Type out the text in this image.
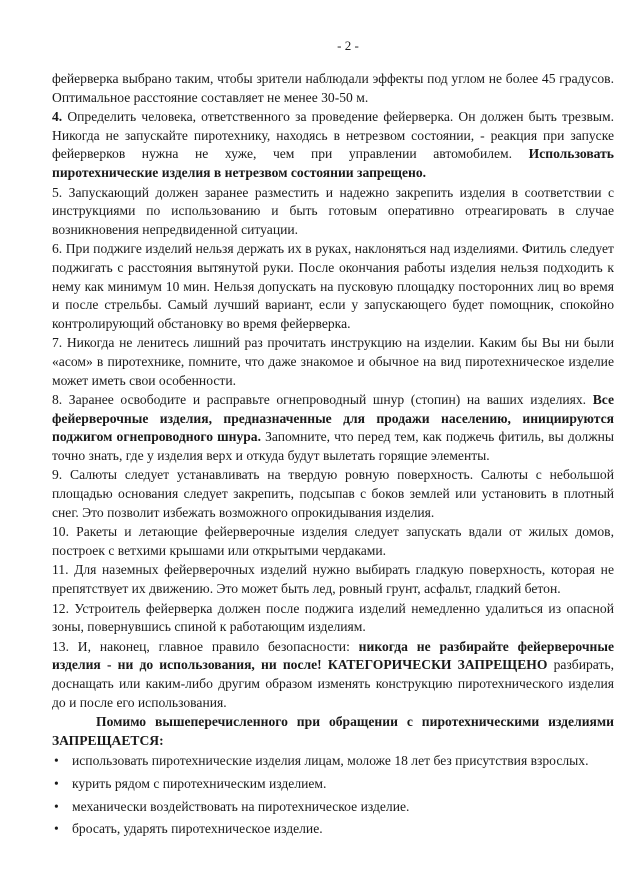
- 2 -

фейерверка выбрано таким, чтобы зрители наблюдали эффекты под углом не более 45 градусов. Оптимальное расстояние составляет не менее 30-50 м.

4. Определить человека, ответственного за проведение фейерверка. Он должен быть трезвым. Никогда не запускайте пиротехнику, находясь в нетрезвом состоянии, - реакция при запуске фейерверков нужна не хуже, чем при управлении автомобилем. Использовать пиротехнические изделия в нетрезвом состоянии запрещено.

5. Запускающий должен заранее разместить и надежно закрепить изделия в соответствии с инструкциями по использованию и быть готовым оперативно отреагировать в случае возникновения непредвиденной ситуации.

6. При поджиге изделий нельзя держать их в руках, наклоняться над изделиями. Фитиль следует поджигать с расстояния вытянутой руки. После окончания работы изделия нельзя подходить к нему как минимум 10 мин. Нельзя допускать на пусковую площадку посторонних лиц во время и после стрельбы. Самый лучший вариант, если у запускающего будет помощник, спокойно контролирующий обстановку во время фейерверка.

7. Никогда не ленитесь лишний раз прочитать инструкцию на изделии. Каким бы Вы ни были «асом» в пиротехнике, помните, что даже знакомое и обычное на вид пиротехническое изделие может иметь свои особенности.

8. Заранее освободите и расправьте огнепроводный шнур (стопин) на ваших изделиях. Все фейерверочные изделия, предназначенные для продажи населению, инициируются поджигом огнепроводного шнура. Запомните, что перед тем, как поджечь фитиль, вы должны точно знать, где у изделия верх и откуда будут вылетать горящие элементы.

9. Салюты следует устанавливать на твердую ровную поверхность. Салюты с небольшой площадью основания следует закрепить, подсыпав с боков землей или установить в плотный снег. Это позволит избежать возможного опрокидывания изделия.

10. Ракеты и летающие фейерверочные изделия следует запускать вдали от жилых домов, построек с ветхими крышами или открытыми чердаками.

11. Для наземных фейерверочных изделий нужно выбирать гладкую поверхность, которая не препятствует их движению. Это может быть лед, ровный грунт, асфальт, гладкий бетон.

12. Устроитель фейерверка должен после поджига изделий немедленно удалиться из опасной зоны, повернувшись спиной к работающим изделиям.

13. И, наконец, главное правило безопасности: никогда не разбирайте фейерверочные изделия - ни до использования, ни после! КАТЕГОРИЧЕСКИ ЗАПРЕЩЕНО разбирать, доснащать или каким-либо другим образом изменять конструкцию пиротехнического изделия до и после его использования.

Помимо вышеперечисленного при обращении с пиротехническими изделиями ЗАПРЕЩАЕТСЯ:

• использовать пиротехнические изделия лицам, моложе 18 лет без присутствия взрослых.
• курить рядом с пиротехническим изделием.
• механически воздействовать на пиротехническое изделие.
• бросать, ударять пиротехническое изделие.
